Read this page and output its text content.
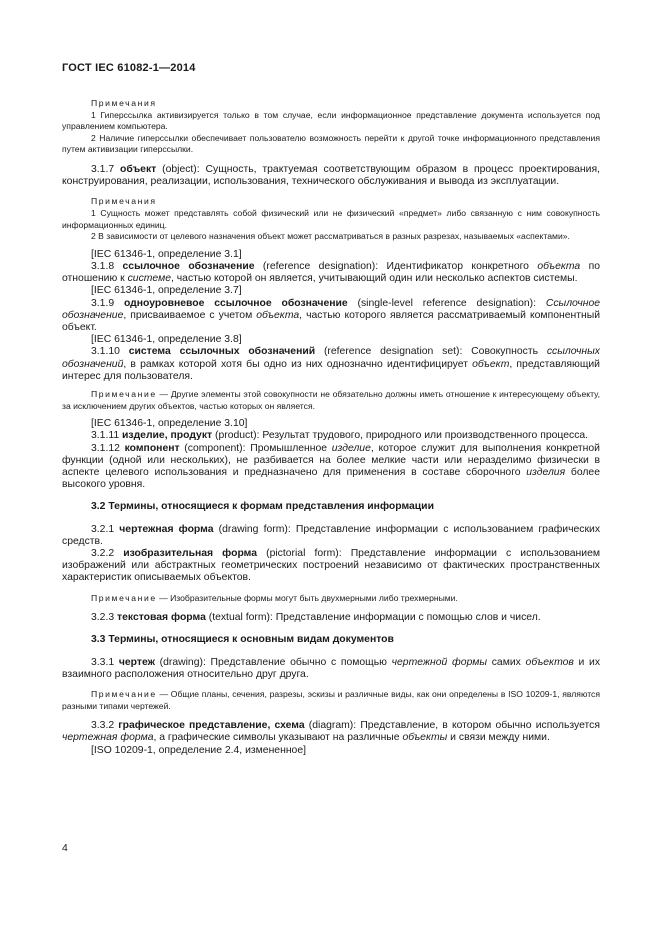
ГОСТ IEC 61082-1—2014

Примечания

1 Гиперссылка активизируется только в том случае, если информационное представление документа используется под управлением компьютера.

2 Наличие гиперссылки обеспечивает пользователю возможность перейти к другой точке информационного представления путем активизации гиперссылки.

3.1.7 объект (object): Сущность, трактуемая соответствующим образом в процесс проектирования, конструирования, реализации, использования, технического обслуживания и вывода из эксплуатации.

Примечания

1 Сущность может представлять собой физический или не физический «предмет» либо связанную с ним совокупность информационных единиц.

2 В зависимости от целевого назначения объект может рассматриваться в разных разрезах, называемых «аспектами».

[IEC 61346-1, определение 3.1]

3.1.8 ссылочное обозначение (reference designation): Идентификатор конкретного объекта по отношению к системе, частью которой он является, учитывающий один или несколько аспектов системы.

[IEC 61346-1, определение 3.7]

3.1.9 одноуровневое ссылочное обозначение (single-level reference designation): Ссылочное обозначение, присваиваемое с учетом объекта, частью которого является рассматриваемый компонентный объект.

[IEC 61346-1, определение 3.8]

3.1.10 система ссылочных обозначений (reference designation set): Совокупность ссылочных обозначений, в рамках которой хотя бы одно из них однозначно идентифицирует объект, представляющий интерес для пользователя.

Примечание — Другие элементы этой совокупности не обязательно должны иметь отношение к интересующему объекту, за исключением других объектов, частью которых он является.

[IEC 61346-1, определение 3.10]

3.1.11 изделие, продукт (product): Результат трудового, природного или производственного процесса.

3.1.12 компонент (component): Промышленное изделие, которое служит для выполнения конкретной функции (одной или нескольких), не разбивается на более мелкие части или неразделимо физически в аспекте целевого использования и предназначено для применения в составе сборочного изделия более высокого уровня.

3.2 Термины, относящиеся к формам представления информации

3.2.1 чертежная форма (drawing form): Представление информации с использованием графических средств.

3.2.2 изобразительная форма (pictorial form): Представление информации с использованием изображений или абстрактных геометрических построений независимо от фактических пространственных характеристик описываемых объектов.

Примечание — Изобразительные формы могут быть двухмерными либо трехмерными.

3.2.3 текстовая форма (textual form): Представление информации с помощью слов и чисел.

3.3 Термины, относящиеся к основным видам документов

3.3.1 чертеж (drawing): Представление обычно с помощью чертежной формы самих объектов и их взаимного расположения относительно друг друга.

Примечание — Общие планы, сечения, разрезы, эскизы и различные виды, как они определены в ISO 10209-1, являются разными типами чертежей.

3.3.2 графическое представление, схема (diagram): Представление, в котором обычно используется чертежная форма, а графические символы указывают на различные объекты и связи между ними.

[ISO 10209-1, определение 2.4, измененное]

4
